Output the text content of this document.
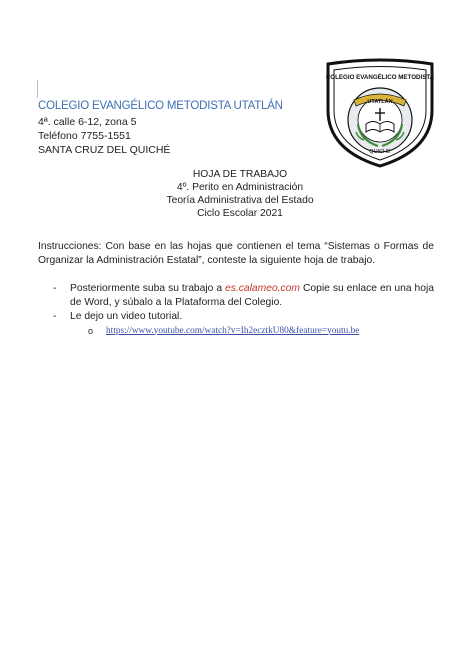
COLEGIO EVANGÉLICO METODISTA UTATLÁN
4ª. calle 6-12, zona 5
Teléfono 7755-1551
SANTA CRUZ DEL QUICHÉ
COLEGIO EVANGÉLICO METODISTA
UTATLÁN
QUICHÉ
HOJA DE TRABAJO
4º. Perito en Administración
Teoría Administrativa del Estado
Ciclo Escolar 2021
Instrucciones: Con base en las hojas que contienen el tema “Sistemas o Formas de Organizar la Administración Estatal”, conteste la siguiente hoja de trabajo.
- Posteriormente suba su trabajo a es.calameo.com Copie su enlace en una hoja de Word, y súbalo a la Plataforma del Colegio.
- Le dejo un video tutorial.
o https://www.youtube.com/watch?v=Ih2ecztkU80&feature=youtu.be
